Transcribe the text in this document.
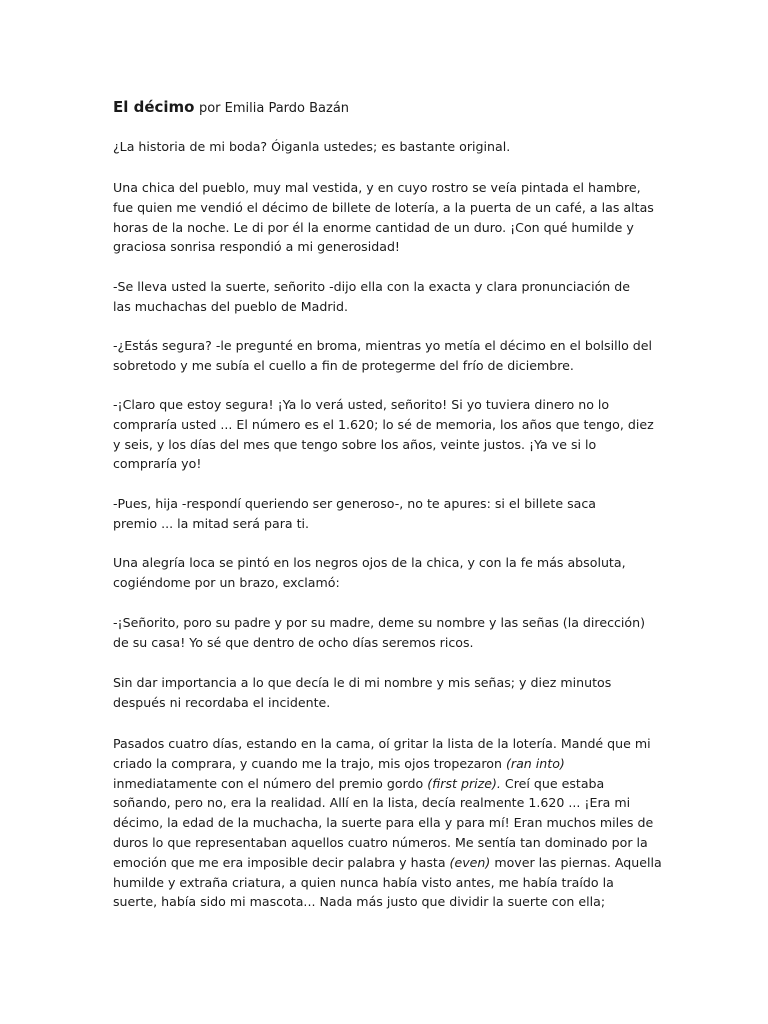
El décimo por Emilia Pardo Bazán

¿La historia de mi boda? Óiganla ustedes; es bastante original.

Una chica del pueblo, muy mal vestida, y en cuyo rostro se veía pintada el hambre,
fue quien me vendió el décimo de billete de lotería, a la puerta de un café, a las altas
horas de la noche. Le di por él la enorme cantidad de un duro. ¡Con qué humilde y
graciosa sonrisa respondió a mi generosidad!

-Se lleva usted la suerte, señorito -dijo ella con la exacta y clara pronunciación de
las muchachas del pueblo de Madrid.

-¿Estás segura? -le pregunté en broma, mientras yo metía el décimo en el bolsillo del
sobretodo y me subía el cuello a fin de protegerme del frío de diciembre.

-¡Claro que estoy segura! ¡Ya lo verá usted, señorito! Si yo tuviera dinero no lo
compraría usted ... El número es el 1.620; lo sé de memoria, los años que tengo, diez
y seis, y los días del mes que tengo sobre los años, veinte justos. ¡Ya ve si lo
compraría yo!

-Pues, hija -respondí queriendo ser generoso-, no te apures: si el billete saca
premio ... la mitad será para ti.

Una alegría loca se pintó en los negros ojos de la chica, y con la fe más absoluta,
cogiéndome por un brazo, exclamó:

-¡Señorito, poro su padre y por su madre, deme su nombre y las señas (la dirección)
de su casa! Yo sé que dentro de ocho días seremos ricos.

Sin dar importancia a lo que decía le di mi nombre y mis señas; y diez minutos
después ni recordaba el incidente.

Pasados cuatro días, estando en la cama, oí gritar la lista de la lotería. Mandé que mi
criado la comprara, y cuando me la trajo, mis ojos tropezaron (ran into)
inmediatamente con el número del premio gordo (first prize). Creí que estaba
soñando, pero no, era la realidad. Allí en la lista, decía realmente 1.620 ... ¡Era mi
décimo, la edad de la muchacha, la suerte para ella y para mí! Eran muchos miles de
duros lo que representaban aquellos cuatro números. Me sentía tan dominado por la
emoción que me era imposible decir palabra y hasta (even) mover las piernas. Aquella
humilde y extraña criatura, a quien nunca había visto antes, me había traído la
suerte, había sido mi mascota... Nada más justo que dividir la suerte con ella;
